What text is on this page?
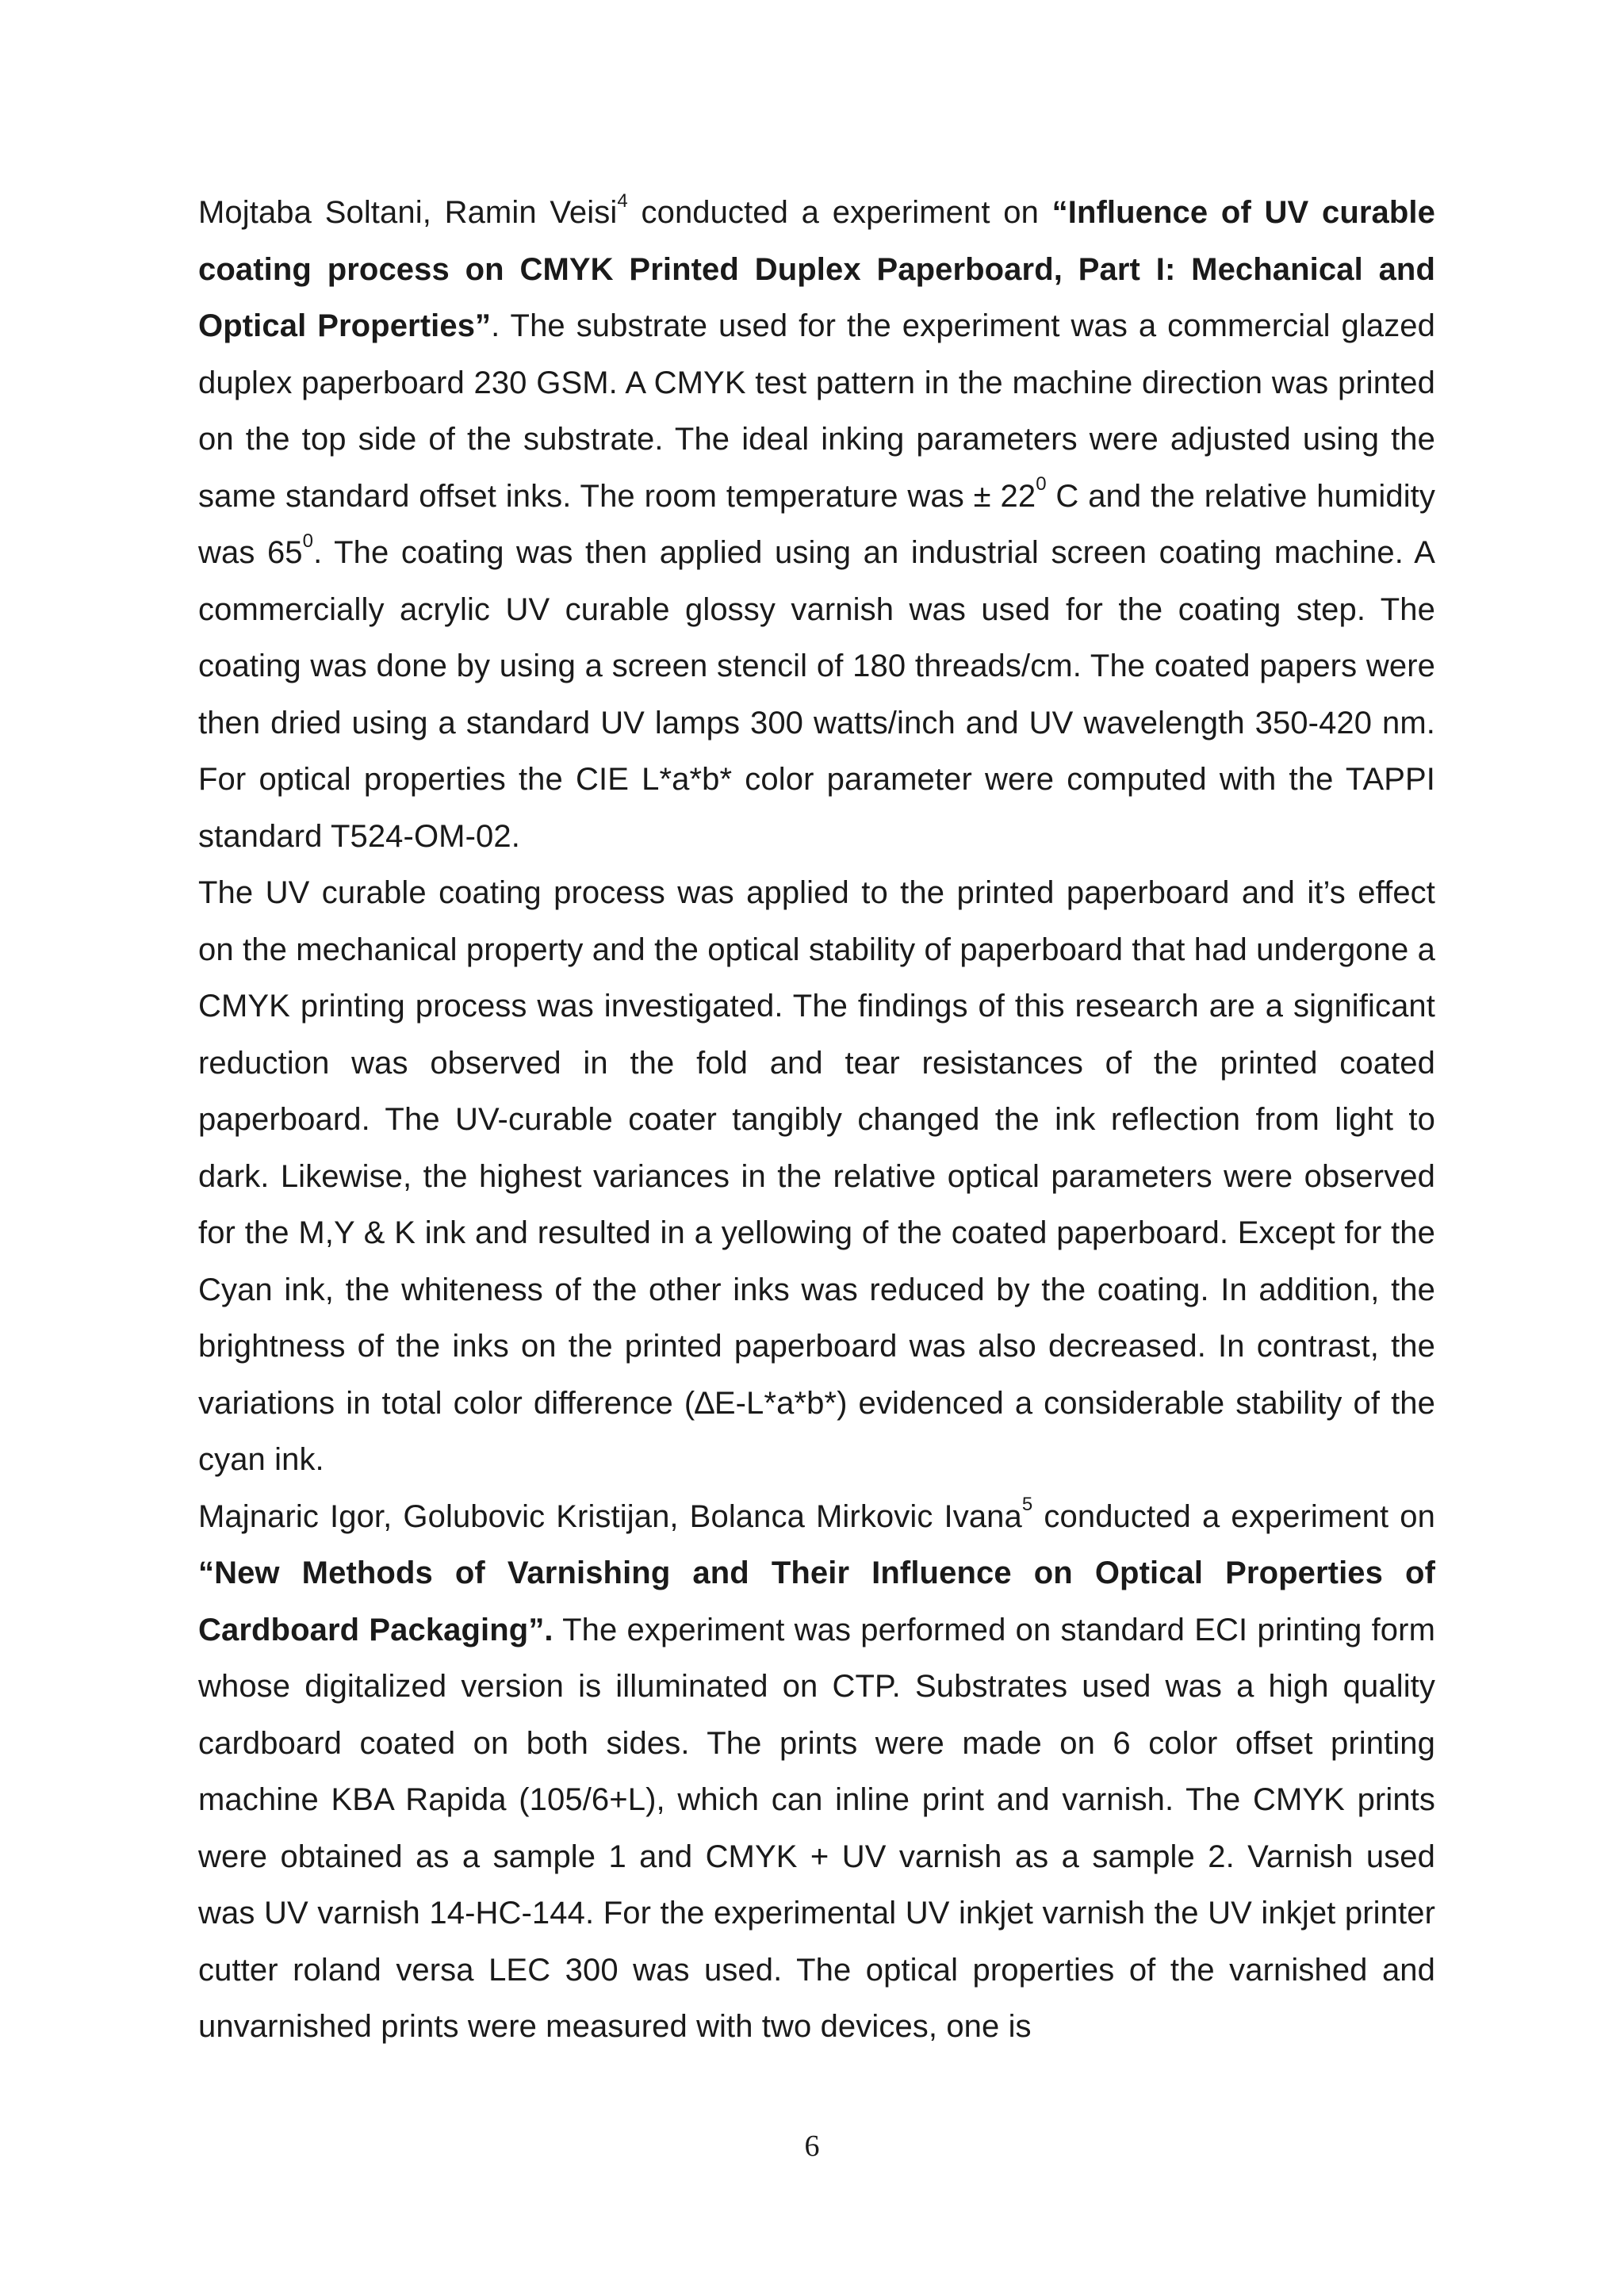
Mojtaba Soltani, Ramin Veisi$^4$ conducted a experiment on “Influence of UV curable coating process on CMYK Printed Duplex Paperboard, Part I: Mechanical and Optical Properties”. The substrate used for the experiment was a commercial glazed duplex paperboard 230 GSM. A CMYK test pattern in the machine direction was printed on the top side of the substrate. The ideal inking parameters were adjusted using the same standard offset inks. The room temperature was ± $22^0$ C and the relative humidity was $65^0$. The coating was then applied using an industrial screen coating machine. A commercially acrylic UV curable glossy varnish was used for the coating step. The coating was done by using a screen stencil of 180 threads/cm. The coated papers were then dried using a standard UV lamps 300 watts/inch and UV wavelength 350-420 nm. For optical properties the CIE L*a*b* color parameter were computed with the TAPPI standard T524-OM-02.

The UV curable coating process was applied to the printed paperboard and it’s effect on the mechanical property and the optical stability of paperboard that had undergone a CMYK printing process was investigated. The findings of this research are a significant reduction was observed in the fold and tear resistances of the printed coated paperboard. The UV-curable coater tangibly changed the ink reflection from light to dark. Likewise, the highest variances in the relative optical parameters were observed for the M,Y & K ink and resulted in a yellowing of the coated paperboard. Except for the Cyan ink, the whiteness of the other inks was reduced by the coating. In addition, the brightness of the inks on the printed paperboard was also decreased. In contrast, the variations in total color difference (∆E-L*a*b*) evidenced a considerable stability of the cyan ink.

Majnaric Igor, Golubovic Kristijan, Bolanca Mirkovic Ivana$^5$ conducted a experiment on “New Methods of Varnishing and Their Influence on Optical Properties of Cardboard Packaging”. The experiment was performed on standard ECI printing form whose digitalized version is illuminated on CTP. Substrates used was a high quality cardboard coated on both sides. The prints were made on 6 color offset printing machine KBA Rapida (105/6+L), which can inline print and varnish. The CMYK prints were obtained as a sample 1 and CMYK + UV varnish as a sample 2. Varnish used was UV varnish 14-HC-144. For the experimental UV inkjet varnish the UV inkjet printer cutter roland versa LEC 300 was used. The optical properties of the varnished and unvarnished prints were measured with two devices, one is

6
